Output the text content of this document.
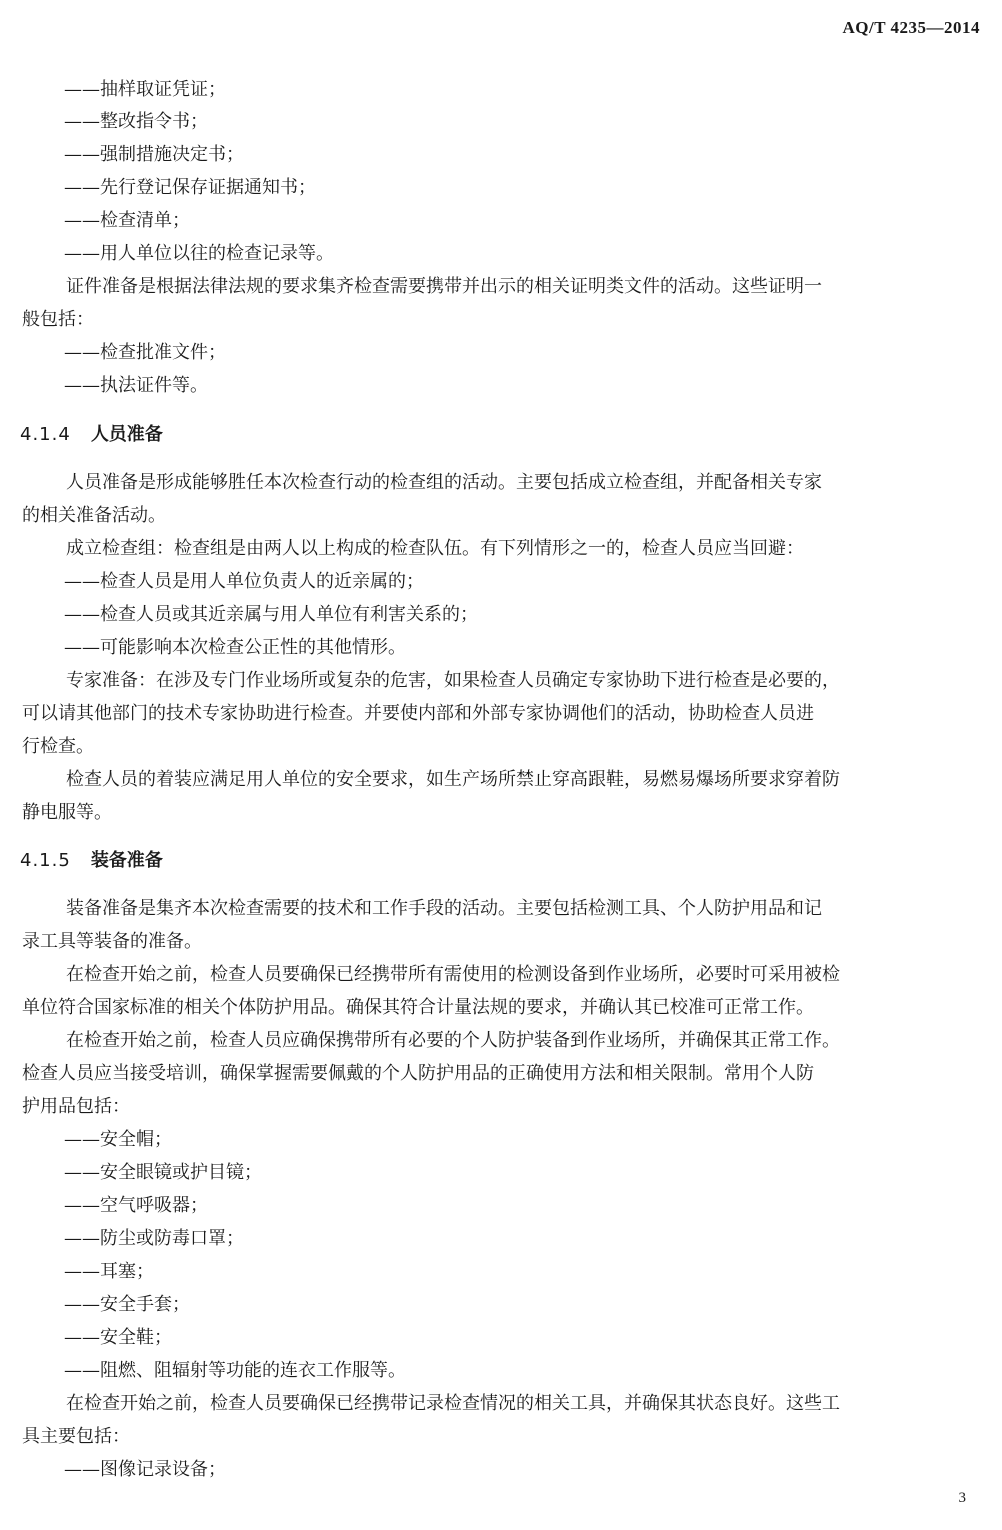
AQ/T 4235—2014
——抽样取证凭证；
——整改指令书；
——强制措施决定书；
——先行登记保存证据通知书；
——检查清单；
——用人单位以往的检查记录等。
证件准备是根据法律法规的要求集齐检查需要携带并出示的相关证明类文件的活动。这些证明一
般包括：
——检查批准文件；
——执法证件等。
4.1.4 人员准备
人员准备是形成能够胜任本次检查行动的检查组的活动。主要包括成立检查组，并配备相关专家
的相关准备活动。
成立检查组：检查组是由两人以上构成的检查队伍。有下列情形之一的，检查人员应当回避：
——检查人员是用人单位负责人的近亲属的；
——检查人员或其近亲属与用人单位有利害关系的；
——可能影响本次检查公正性的其他情形。
专家准备：在涉及专门作业场所或复杂的危害，如果检查人员确定专家协助下进行检查是必要的，
可以请其他部门的技术专家协助进行检查。并要使内部和外部专家协调他们的活动，协助检查人员进
行检查。
检查人员的着装应满足用人单位的安全要求，如生产场所禁止穿高跟鞋，易燃易爆场所要求穿着防
静电服等。
4.1.5 装备准备
装备准备是集齐本次检查需要的技术和工作手段的活动。主要包括检测工具、个人防护用品和记
录工具等装备的准备。
在检查开始之前，检查人员要确保已经携带所有需使用的检测设备到作业场所，必要时可采用被检
单位符合国家标准的相关个体防护用品。确保其符合计量法规的要求，并确认其已校准可正常工作。
在检查开始之前，检查人员应确保携带所有必要的个人防护装备到作业场所，并确保其正常工作。
检查人员应当接受培训，确保掌握需要佩戴的个人防护用品的正确使用方法和相关限制。常用个人防
护用品包括：
——安全帽；
——安全眼镜或护目镜；
——空气呼吸器；
——防尘或防毒口罩；
——耳塞；
——安全手套；
——安全鞋；
——阻燃、阻辐射等功能的连衣工作服等。
在检查开始之前，检查人员要确保已经携带记录检查情况的相关工具，并确保其状态良好。这些工
具主要包括：
——图像记录设备；
3
